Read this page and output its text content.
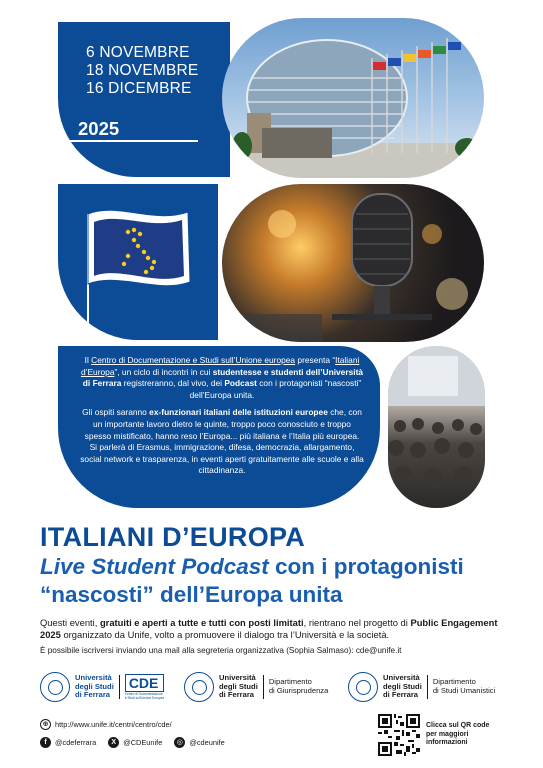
6 NOVEMBRE
18 NOVEMBRE
16 DICEMBRE
2025

Il Centro di Documentazione e Studi sull’Unione europea presenta “Italiani d’Europa”, un ciclo di incontri in cui studentesse e studenti dell’Università di Ferrara registreranno, dal vivo, dei Podcast con i protagonisti “nascosti” dell’Europa unita.

Gli ospiti saranno ex-funzionari italiani delle istituzioni europee che, con un importante lavoro dietro le quinte, troppo poco conosciuto e troppo spesso mistificato, hanno reso l’Europa... più italiana e l’Italia più europea. Si parlerà di Erasmus, immigrazione, difesa, democrazia, allargamento, social network e trasparenza, in eventi aperti gratuitamente alle scuole e alla cittadinanza.

ITALIANI D’EUROPA
Live Student Podcast con i protagonisti
“nascosti” dell’Europa unita
Questi eventi, gratuiti e aperti a tutte e tutti con posti limitati, rientrano nel progetto di Public Engagement 2025 organizzato da Unife, volto a promuovere il dialogo tra l’Università e la società.
È possibile iscriversi inviando una mail alla segreteria organizzativa (Sophia Salmaso): cde@unife.it
Università
degli Studi
di Ferrara
CDE
Centro di Documentazione
e Studi sull’Unione Europea
Università
degli Studi
di Ferrara
Dipartimento
di Giurisprudenza
Università
degli Studi
di Ferrara
Dipartimento
di Studi Umanistici
⊕ http://www.unife.it/centri/centro/cde/
f	@cdeferrara	X @CDEunife	◎ @cdeunife
Clicca sul QR code
per maggiori
informazioni
